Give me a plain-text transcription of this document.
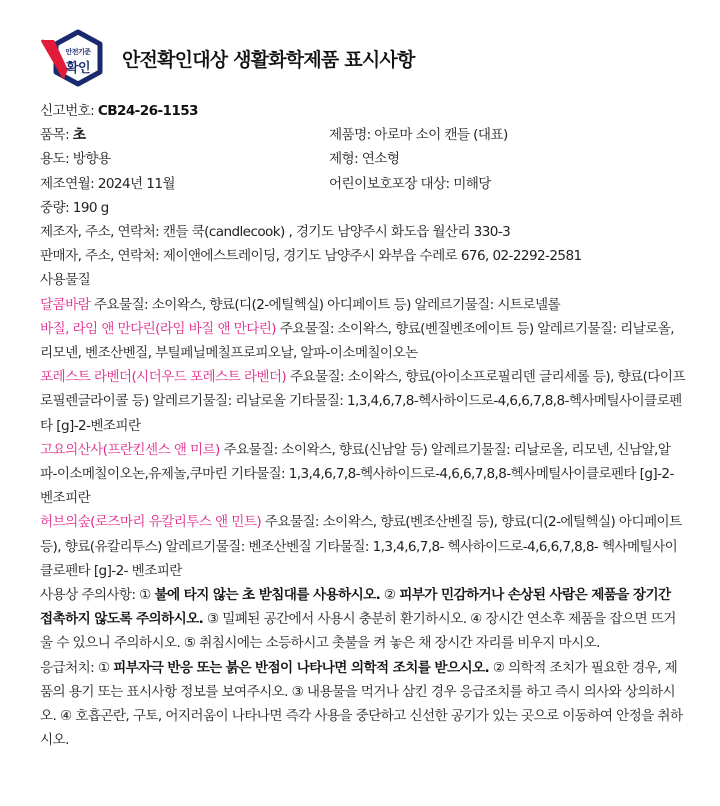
안전기준
확인	안전확인대상 생활화학제품 표시사항

신고번호: CB24-26-1153

품목: 초	제품명: 아로마 소이 캔들 (대표)
용도: 방향용	제형: 연소형
제조연월: 2024년 11월	어린이보호포장 대상: 미해당

중량: 190 g

제조자, 주소, 연락처: 캔들 쿡(candlecook) , 경기도 남양주시 화도읍 월산리 330-3

판매자, 주소, 연락처: 제이앤에스트레이딩, 경기도 남양주시 와부읍 수레로 676, 02-2292-2581

사용물질

달콤바람 주요물질: 소이왁스, 향료(디(2-에틸헥실) 아디페이트 등) 알레르기물질: 시트로넬롤

바질, 라임 앤 만다린(라임 바질 앤 만다린) 주요물질: 소이왁스, 향료(벤질벤조에이트 등) 알레르기물질: 리날로올, 리모넨, 벤조산벤질, 부틸페닐메칠프로피오날, 알파-이소메칠이오논

포레스트 라벤더(시더우드 포레스트 라벤더) 주요물질: 소이왁스, 향료(아이소프로필리덴 글리세롤 등), 향료(다이프로필렌글라이콜 등) 알레르기물질: 리날로올 기타물질: 1,3,4,6,7,8-헥사하이드로-4,6,6,7,8,8-헥사메틸사이클로펜타 [g]-2-벤조피란

고요의산사(프란킨센스 앤 미르) 주요물질: 소이왁스, 향료(신남알 등) 알레르기물질: 리날로올, 리모넨, 신남알,알파-이소메칠이오논,유제놀,쿠마린 기타물질: 1,3,4,6,7,8-헥사하이드로-4,6,6,7,8,8-헥사메틸사이클로펜타 [g]-2-벤조피란

허브의숲(로즈마리 유칼리투스 앤 민트) 주요물질: 소이왁스, 향료(벤조산벤질 등), 향료(디(2-에틸헥실) 아디페이트 등), 향료(유칼리투스) 알레르기물질: 벤조산벤질 기타물질: 1,3,4,6,7,8- 헥사하이드로-4,6,6,7,8,8- 헥사메틸사이클로펜타 [g]-2- 벤조피란

사용상 주의사항: ① 불에 타지 않는 초 받침대를 사용하시오. ② 피부가 민감하거나 손상된 사람은 제품을 장기간 접촉하지 않도록 주의하시오. ③ 밀폐된 공간에서 사용시 충분히 환기하시오. ④ 장시간 연소후 제품을 잡으면 뜨거울 수 있으니 주의하시오. ⑤ 취침시에는 소등하시고 촛불을 켜 놓은 채 장시간 자리를 비우지 마시오.

응급처치: ① 피부자극 반응 또는 붉은 반점이 나타나면 의학적 조치를 받으시오. ② 의학적 조치가 필요한 경우, 제품의 용기 또는 표시사항 정보를 보여주시오. ③ 내용물을 먹거나 삼킨 경우 응급조치를 하고 즉시 의사와 상의하시오. ④ 호흡곤란, 구토, 어지러움이 나타나면 즉각 사용을 중단하고 신선한 공기가 있는 곳으로 이동하여 안정을 취하시오.
